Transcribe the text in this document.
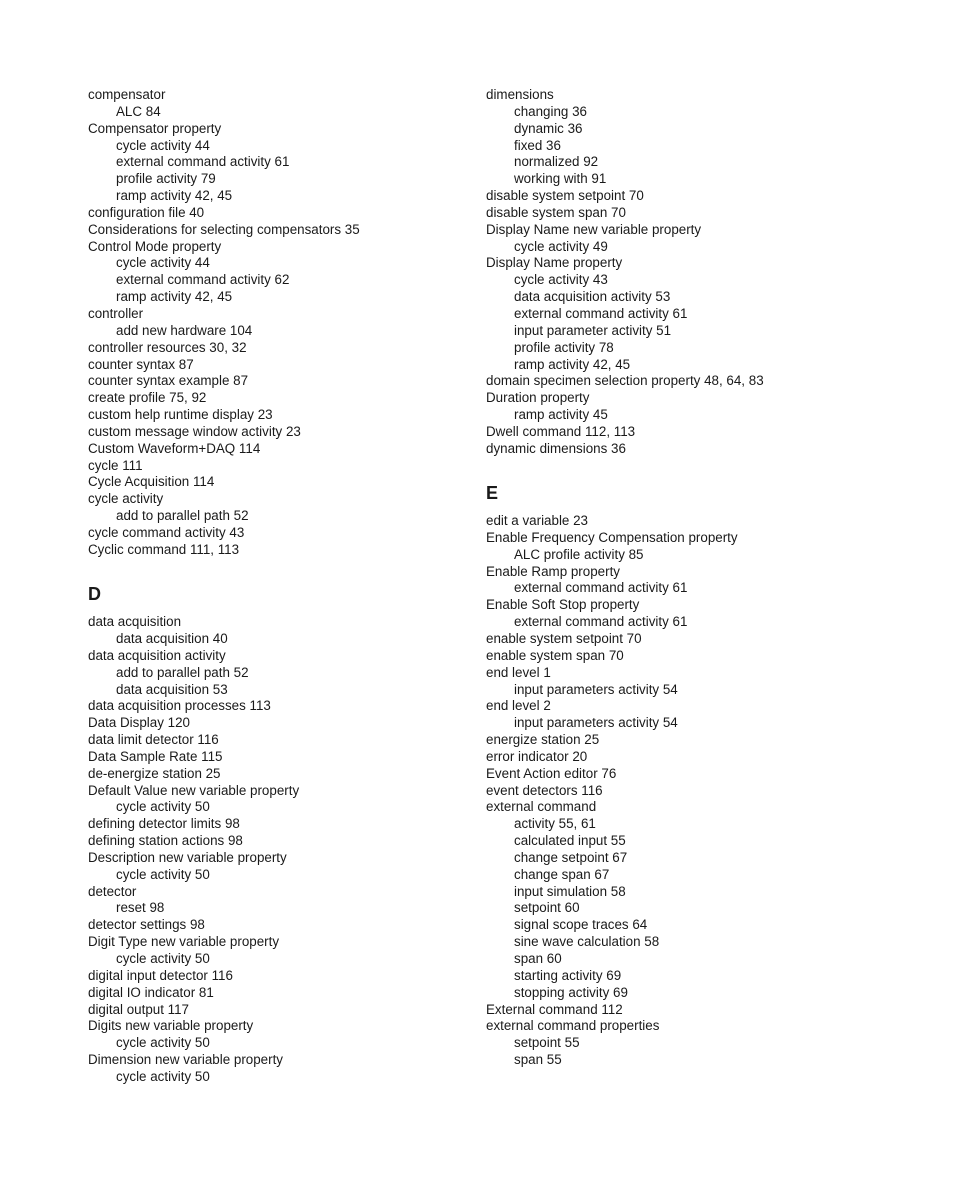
compensator
ALC 84
Compensator property
cycle activity 44
external command activity 61
profile activity 79
ramp activity 42, 45
configuration file 40
Considerations for selecting compensators 35
Control Mode property
cycle activity 44
external command activity 62
ramp activity 42, 45
controller
add new hardware 104
controller resources 30, 32
counter syntax 87
counter syntax example 87
create profile 75, 92
custom help runtime display 23
custom message window activity 23
Custom Waveform+DAQ 114
cycle 111
Cycle Acquisition 114
cycle activity
add to parallel path 52
cycle command activity 43
Cyclic command 111, 113
D
data acquisition
data acquisition 40
data acquisition activity
add to parallel path 52
data acquisition 53
data acquisition processes 113
Data Display 120
data limit detector 116
Data Sample Rate 115
de-energize station 25
Default Value new variable property
cycle activity 50
defining detector limits 98
defining station actions 98
Description new variable property
cycle activity 50
detector
reset 98
detector settings 98
Digit Type new variable property
cycle activity 50
digital input detector 116
digital IO indicator 81
digital output 117
Digits new variable property
cycle activity 50
Dimension new variable property
cycle activity 50
dimensions
changing 36
dynamic 36
fixed 36
normalized 92
working with 91
disable system setpoint 70
disable system span 70
Display Name new variable property
cycle activity 49
Display Name property
cycle activity 43
data acquisition activity 53
external command activity 61
input parameter activity 51
profile activity 78
ramp activity 42, 45
domain specimen selection property 48, 64, 83
Duration property
ramp activity 45
Dwell command 112, 113
dynamic dimensions 36
E
edit a variable 23
Enable Frequency Compensation property
ALC profile activity 85
Enable Ramp property
external command activity 61
Enable Soft Stop property
external command activity 61
enable system setpoint 70
enable system span 70
end level 1
input parameters activity 54
end level 2
input parameters activity 54
energize station 25
error indicator 20
Event Action editor 76
event detectors 116
external command
activity 55, 61
calculated input 55
change setpoint 67
change span 67
input simulation 58
setpoint 60
signal scope traces 64
sine wave calculation 58
span 60
starting activity 69
stopping activity 69
External command 112
external command properties
setpoint 55
span 55
